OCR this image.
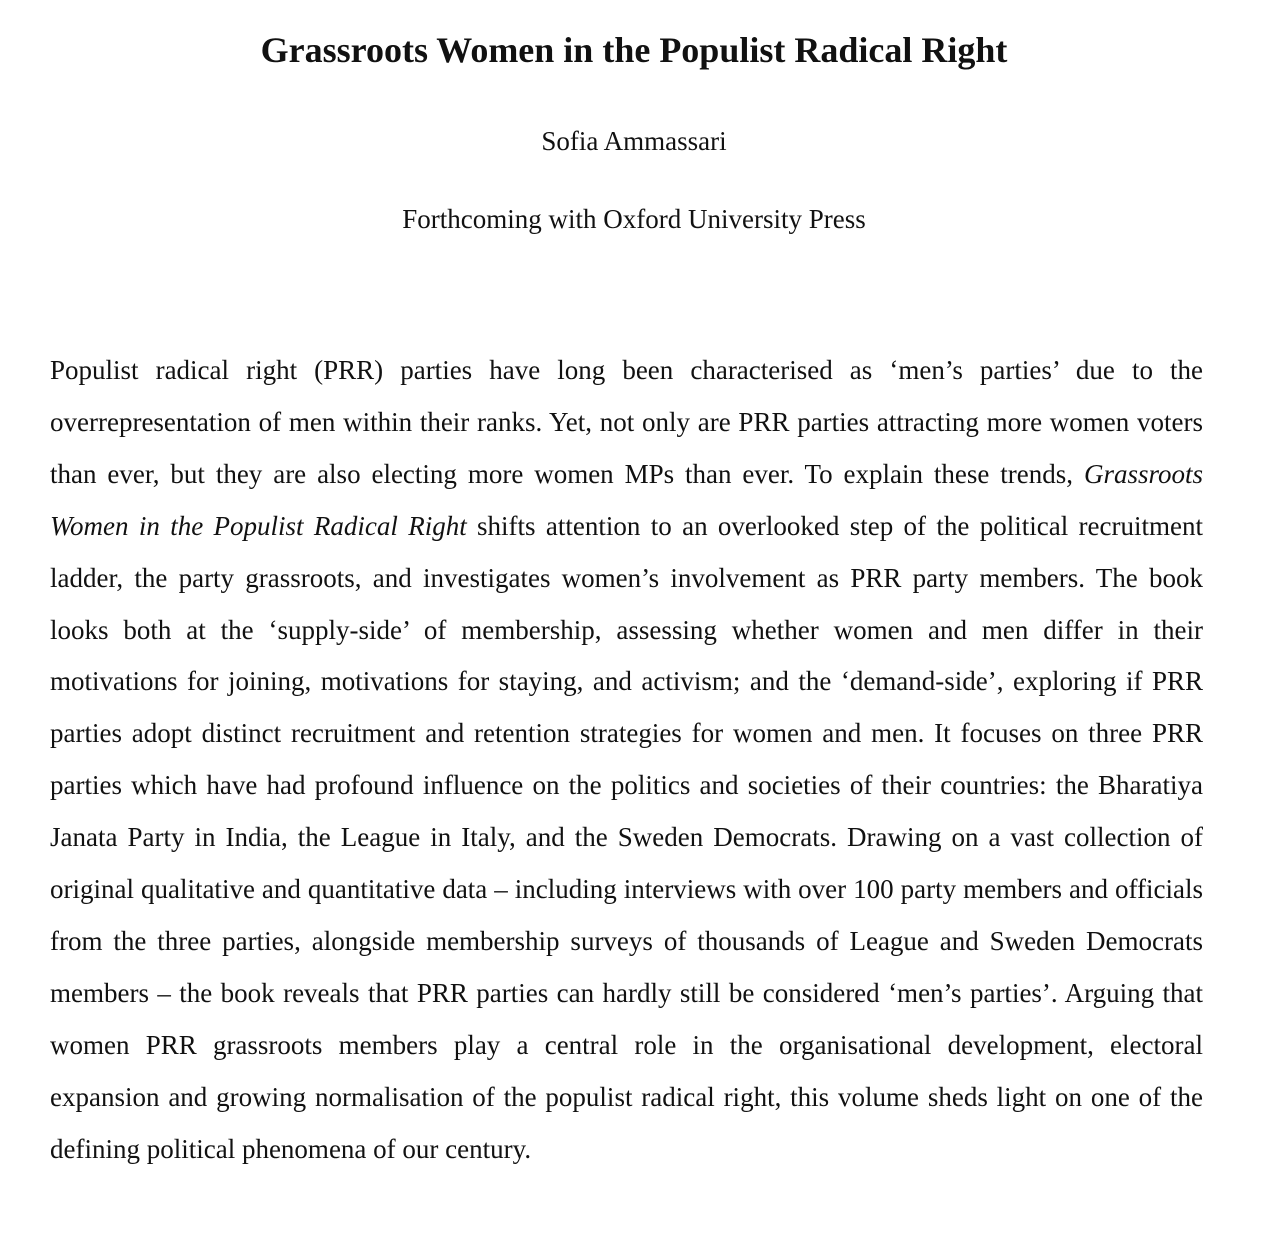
Grassroots Women in the Populist Radical Right

Sofia Ammassari

Forthcoming with Oxford University Press

Populist radical right (PRR) parties have long been characterised as ‘men’s parties’ due to the overrepresentation of men within their ranks. Yet, not only are PRR parties attracting more women voters than ever, but they are also electing more women MPs than ever. To explain these trends, Grassroots Women in the Populist Radical Right shifts attention to an overlooked step of the political recruitment ladder, the party grassroots, and investigates women’s involvement as PRR party members. The book looks both at the ‘supply-side’ of membership, assessing whether women and men differ in their motivations for joining, motivations for staying, and activism; and the ‘demand-side’, exploring if PRR parties adopt distinct recruitment and retention strategies for women and men. It focuses on three PRR parties which have had profound influence on the politics and societies of their countries: the Bharatiya Janata Party in India, the League in Italy, and the Sweden Democrats. Drawing on a vast collection of original qualitative and quantitative data – including interviews with over 100 party members and officials from the three parties, alongside membership surveys of thousands of League and Sweden Democrats members – the book reveals that PRR parties can hardly still be considered ‘men’s parties’. Arguing that women PRR grassroots members play a central role in the organisational development, electoral expansion and growing normalisation of the populist radical right, this volume sheds light on one of the defining political phenomena of our century.
